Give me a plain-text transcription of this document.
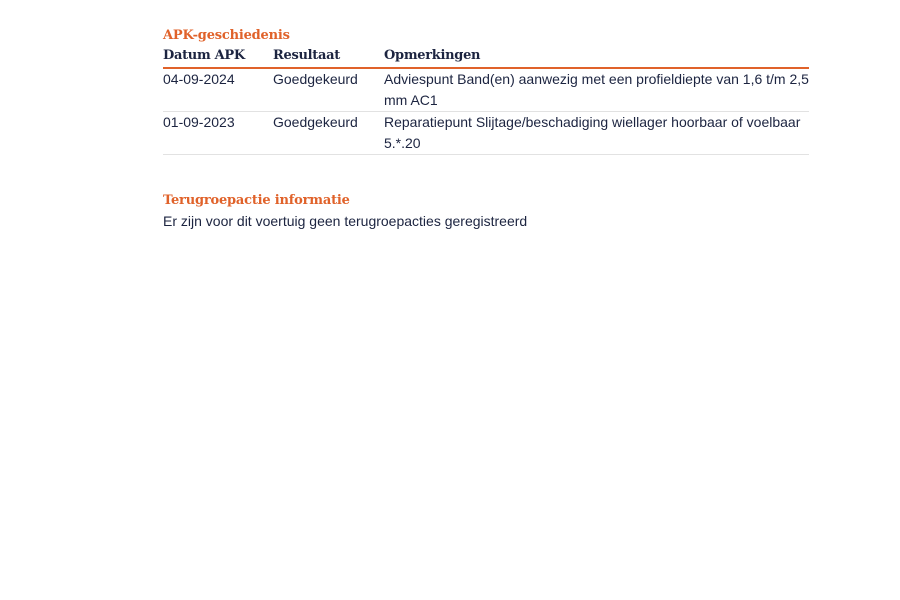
APK-geschiedenis
Datum APK	Resultaat	Opmerkingen
04-09-2024	Goedgekeurd	Adviespunt Band(en) aanwezig met een profieldiepte van 1,6 t/m 2,5 mm AC1
01-09-2023	Goedgekeurd	Reparatiepunt Slijtage/beschadiging wiellager hoorbaar of voelbaar 5.*.20
Terugroepactie informatie

Er zijn voor dit voertuig geen terugroepacties geregistreerd
